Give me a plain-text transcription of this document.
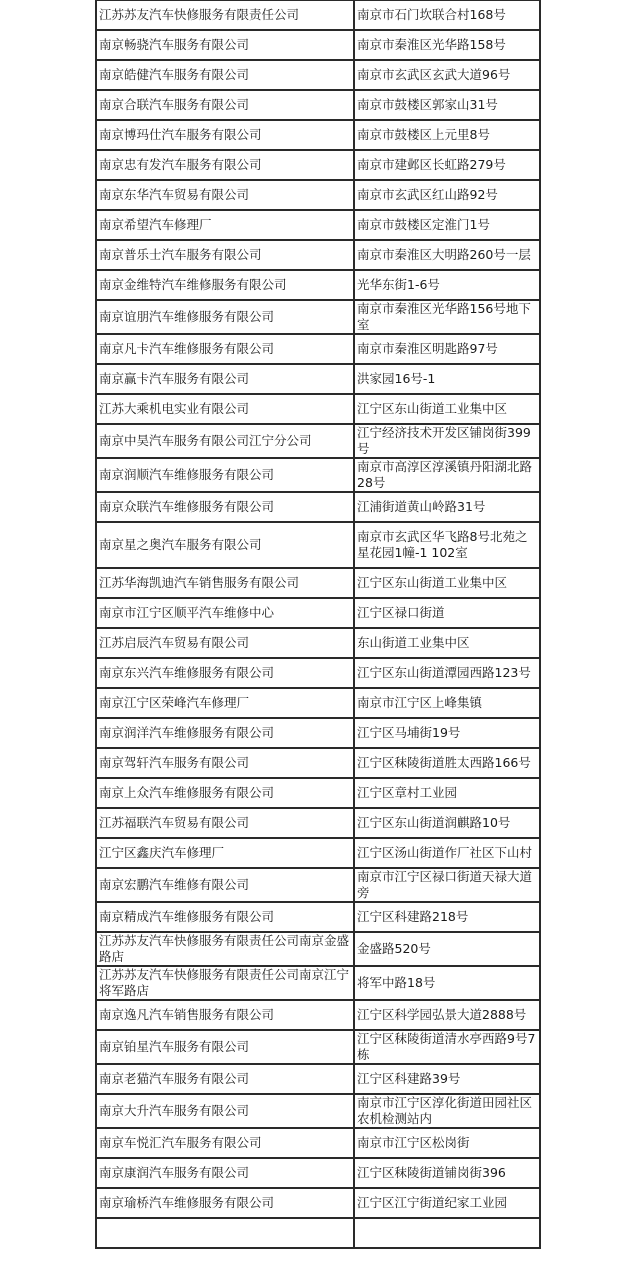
江苏苏友汽车快修服务有限责任公司	南京市石门坎联合村168号
南京畅骁汽车服务有限公司	南京市秦淮区光华路158号
南京皓健汽车服务有限公司	南京市玄武区玄武大道96号
南京合联汽车服务有限公司	南京市鼓楼区郭家山31号
南京博玛仕汽车服务有限公司	南京市鼓楼区上元里8号
南京忠有发汽车服务有限公司	南京市建邺区长虹路279号
南京东华汽车贸易有限公司	南京市玄武区红山路92号
南京希望汽车修理厂	南京市鼓楼区定淮门1号
南京普乐士汽车服务有限公司	南京市秦淮区大明路260号一层
南京金维特汽车维修服务有限公司	光华东街1-6号
南京谊朋汽车维修服务有限公司	南京市秦淮区光华路156号地下室
南京凡卡汽车维修服务有限公司	南京市秦淮区明匙路97号
南京赢卡汽车服务有限公司	洪家园16号-1
江苏大乘机电实业有限公司	江宁区东山街道工业集中区
南京中昊汽车服务有限公司江宁分公司	江宁经济技术开发区铺岗街399号
南京润顺汽车维修服务有限公司	南京市高淳区淳溪镇丹阳湖北路28号
南京众联汽车维修服务有限公司	江浦街道黄山岭路31号
南京星之奥汽车服务有限公司	南京市玄武区华飞路8号北苑之星花园1幢-1 102室
江苏华海凯迪汽车销售服务有限公司	江宁区东山街道工业集中区
南京市江宁区顺平汽车维修中心	江宁区禄口街道
江苏启辰汽车贸易有限公司	东山街道工业集中区
南京东兴汽车维修服务有限公司	江宁区东山街道潭园西路123号
南京江宁区荣峰汽车修理厂	南京市江宁区上峰集镇
南京润洋汽车维修服务有限公司	江宁区马埔街19号
南京驾轩汽车服务有限公司	江宁区秣陵街道胜太西路166号
南京上众汽车维修服务有限公司	江宁区章村工业园
江苏福联汽车贸易有限公司	江宁区东山街道润麒路10号
江宁区鑫庆汽车修理厂	江宁区汤山街道作厂社区下山村
南京宏鹏汽车维修有限公司	南京市江宁区禄口街道天禄大道旁
南京精成汽车维修服务有限公司	江宁区科建路218号
江苏苏友汽车快修服务有限责任公司南京金盛路店	金盛路520号
江苏苏友汽车快修服务有限责任公司南京江宁将军路店	将军中路18号
南京逸凡汽车销售服务有限公司	江宁区科学园弘景大道2888号
南京铂星汽车服务有限公司	江宁区秣陵街道清水亭西路9号7栋
南京老猫汽车服务有限公司	江宁区科建路39号
南京大升汽车服务有限公司	南京市江宁区淳化街道田园社区农机检测站内
南京车悦汇汽车服务有限公司	南京市江宁区松岗街
南京康润汽车服务有限公司	江宁区秣陵街道铺岗街396
南京瑜桥汽车维修服务有限公司	江宁区江宁街道纪家工业园
